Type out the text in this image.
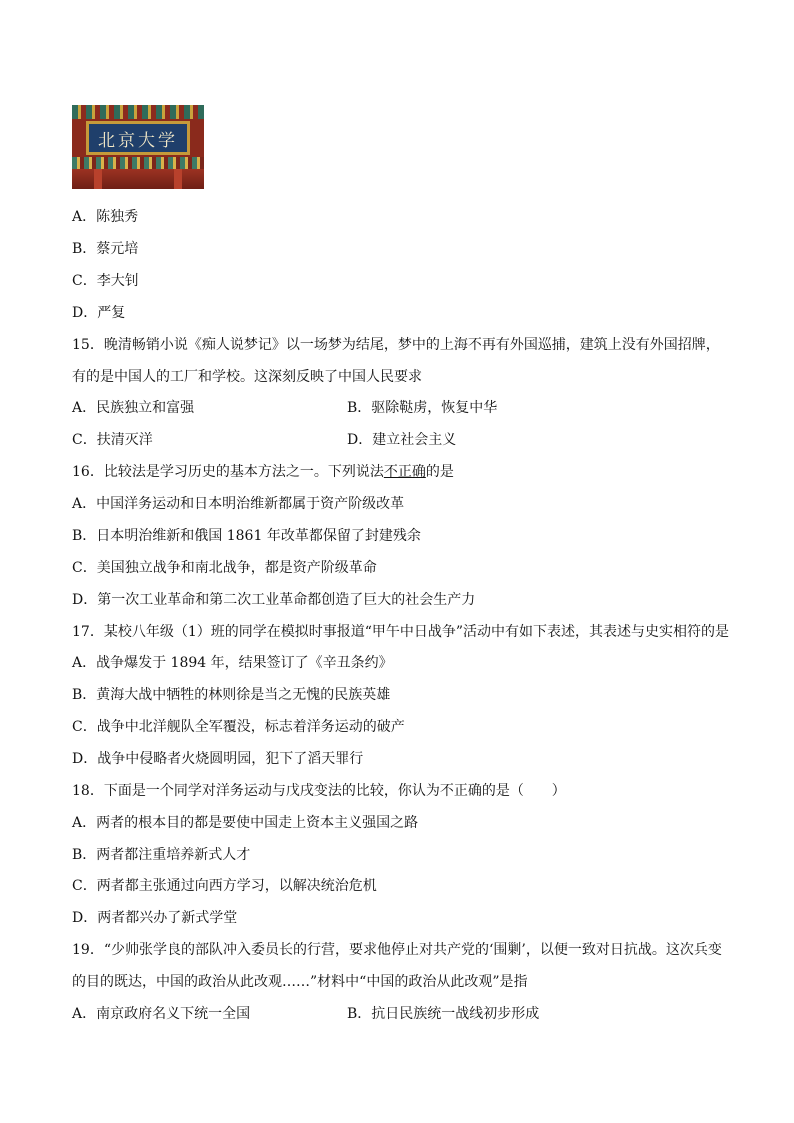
北京大学
A．陈独秀
B．蔡元培
C．李大钊
D．严复
15．晚清畅销小说《痴人说梦记》以一场梦为结尾，梦中的上海不再有外国巡捕，建筑上没有外国招牌，
有的是中国人的工厂和学校。这深刻反映了中国人民要求
A．民族独立和富强	B．驱除鞑虏，恢复中华
C．扶清灭洋	D．建立社会主义
16．比较法是学习历史的基本方法之一。下列说法不正确的是
A．中国洋务运动和日本明治维新都属于资产阶级改革
B．日本明治维新和俄国 1861 年改革都保留了封建残余
C．美国独立战争和南北战争，都是资产阶级革命
D．第一次工业革命和第二次工业革命都创造了巨大的社会生产力
17．某校八年级（1）班的同学在模拟时事报道“甲午中日战争”活动中有如下表述，其表述与史实相符的是
A．战争爆发于 1894 年，结果签订了《辛丑条约》
B．黄海大战中牺牲的林则徐是当之无愧的民族英雄
C．战争中北洋舰队全军覆没，标志着洋务运动的破产
D．战争中侵略者火烧圆明园，犯下了滔天罪行
18．下面是一个同学对洋务运动与戊戌变法的比较，你认为不正确的是（　　）
A．两者的根本目的都是要使中国走上资本主义强国之路
B．两者都注重培养新式人才
C．两者都主张通过向西方学习，以解决统治危机
D．两者都兴办了新式学堂
19．“少帅张学良的部队冲入委员长的行营，要求他停止对共产党的‘围剿’，以便一致对日抗战。这次兵变
的目的既达，中国的政治从此改观……”材料中“中国的政治从此改观”是指
A．南京政府名义下统一全国	B．抗日民族统一战线初步形成
